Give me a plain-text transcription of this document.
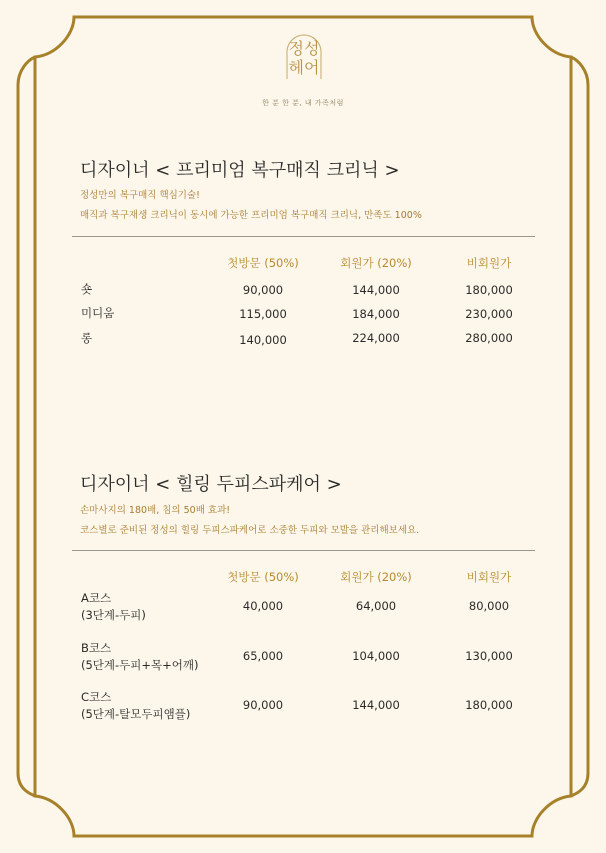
정성
헤어
한 분 한 분, 내 가족처럼
디자이너 < 프리미엄 복구매직 크리닉 >
정성만의 복구매직 핵심기술!
매직과 복구재생 크리닉이 동시에 가능한 프리미엄 복구매직 크리닉, 만족도 100%
첫방문 (50%)	회원가 (20%)	비회원가
숏	90,000	144,000	180,000
미디움	115,000	184,000	230,000
롱	140,000	224,000	280,000
디자이너 < 힐링 두피스파케어 >
손마사지의 180배, 침의 50배 효과!
코스별로 준비된 정성의 힐링 두피스파케어로 소중한 두피와 모발을 관리해보세요.
첫방문 (50%)	회원가 (20%)	비회원가
A코스
(3단계-두피)
40,000	64,000	80,000
B코스
(5단계-두피+목+어깨)
65,000	104,000	130,000
C코스
(5단계-탈모두피앰플)
90,000	144,000	180,000
